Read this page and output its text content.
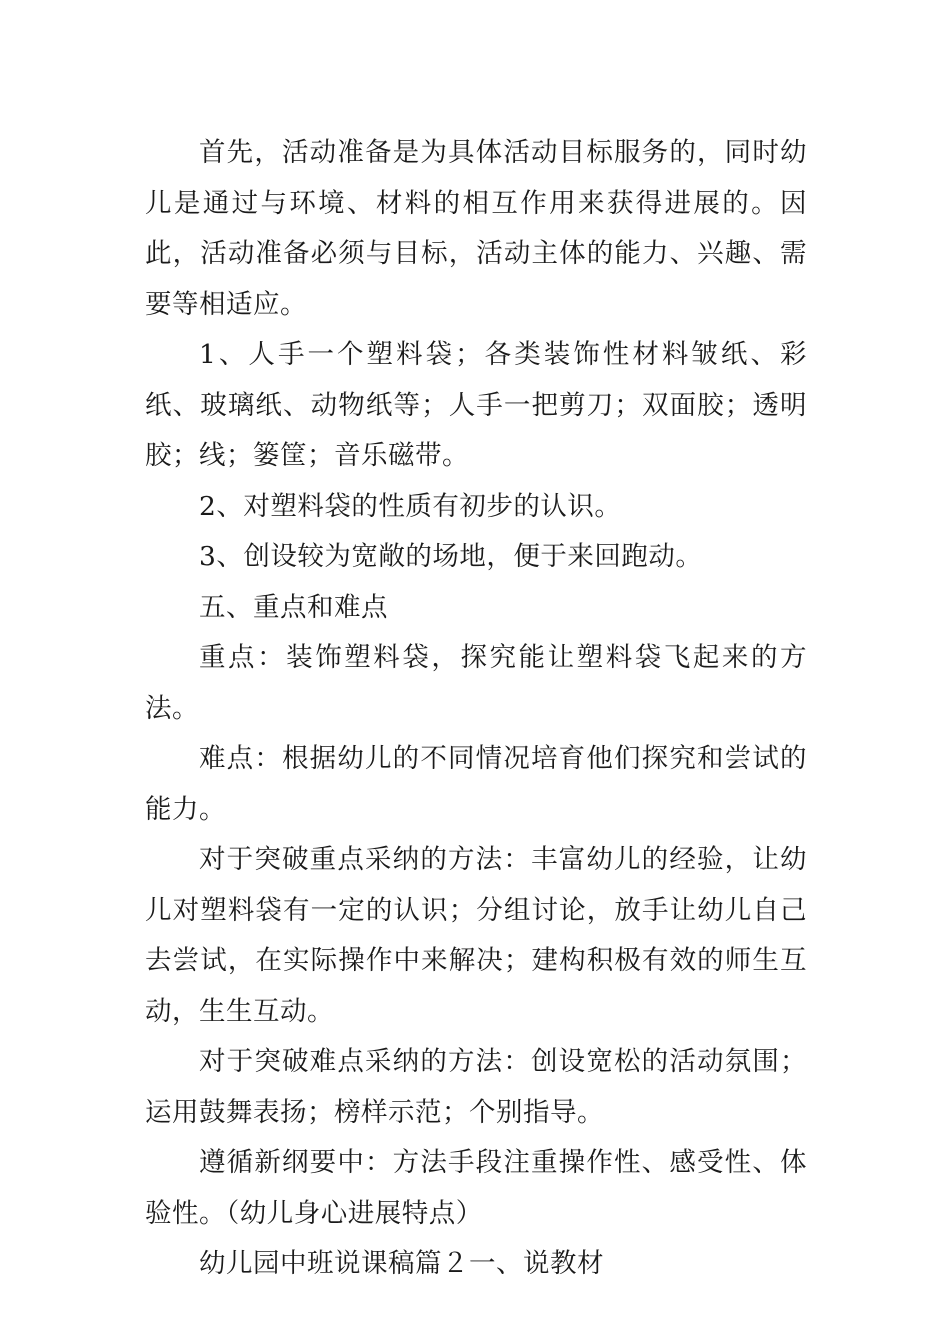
首先，活动准备是为具体活动目标服务的，同时幼儿是通过与环境、材料的相互作用来获得进展的。因此，活动准备必须与目标，活动主体的能力、兴趣、需要等相适应。

1、人手一个塑料袋；各类装饰性材料皱纸、彩纸、玻璃纸、动物纸等；人手一把剪刀；双面胶；透明胶；线；篓筐；音乐磁带。

2、对塑料袋的性质有初步的认识。

3、创设较为宽敞的场地，便于来回跑动。

五、重点和难点

重点：装饰塑料袋，探究能让塑料袋飞起来的方法。

难点：根据幼儿的不同情况培育他们探究和尝试的能力。

对于突破重点采纳的方法：丰富幼儿的经验，让幼儿对塑料袋有一定的认识；分组讨论，放手让幼儿自己去尝试，在实际操作中来解决；建构积极有效的师生互动，生生互动。

对于突破难点采纳的方法：创设宽松的活动氛围；运用鼓舞表扬；榜样示范；个别指导。

遵循新纲要中：方法手段注重操作性、感受性、体验性。（幼儿身心进展特点）

幼儿园中班说课稿篇２一、说教材
